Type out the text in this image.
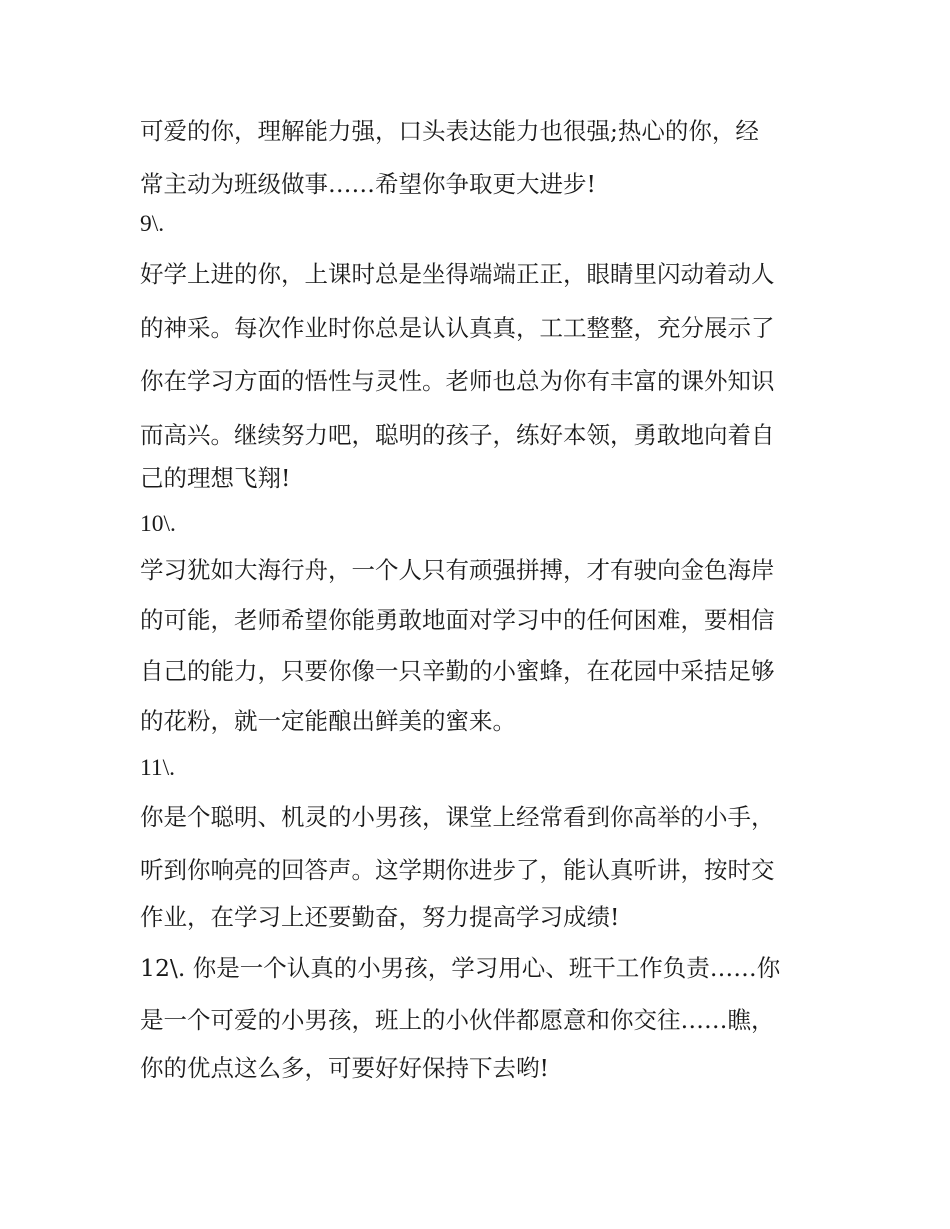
可爱的你，理解能力强，口头表达能力也很强;热心的你，经

常主动为班级做事……希望你争取更大进步!

9\.

好学上进的你，上课时总是坐得端端正正，眼睛里闪动着动人

的神采。每次作业时你总是认认真真，工工整整，充分展示了

你在学习方面的悟性与灵性。老师也总为你有丰富的课外知识

而高兴。继续努力吧，聪明的孩子，练好本领，勇敢地向着自

己的理想飞翔!

10\.

学习犹如大海行舟，一个人只有顽强拼搏，才有驶向金色海岸

的可能，老师希望你能勇敢地面对学习中的任何困难，要相信

自己的能力，只要你像一只辛勤的小蜜蜂，在花园中采拮足够

的花粉，就一定能酿出鲜美的蜜来。

11\.

你是个聪明、机灵的小男孩，课堂上经常看到你高举的小手，

听到你响亮的回答声。这学期你进步了，能认真听讲，按时交

作业，在学习上还要勤奋，努力提高学习成绩!

12\. 你是一个认真的小男孩，学习用心、班干工作负责……你

是一个可爱的小男孩，班上的小伙伴都愿意和你交往……瞧，

你的优点这么多，可要好好保持下去哟!
